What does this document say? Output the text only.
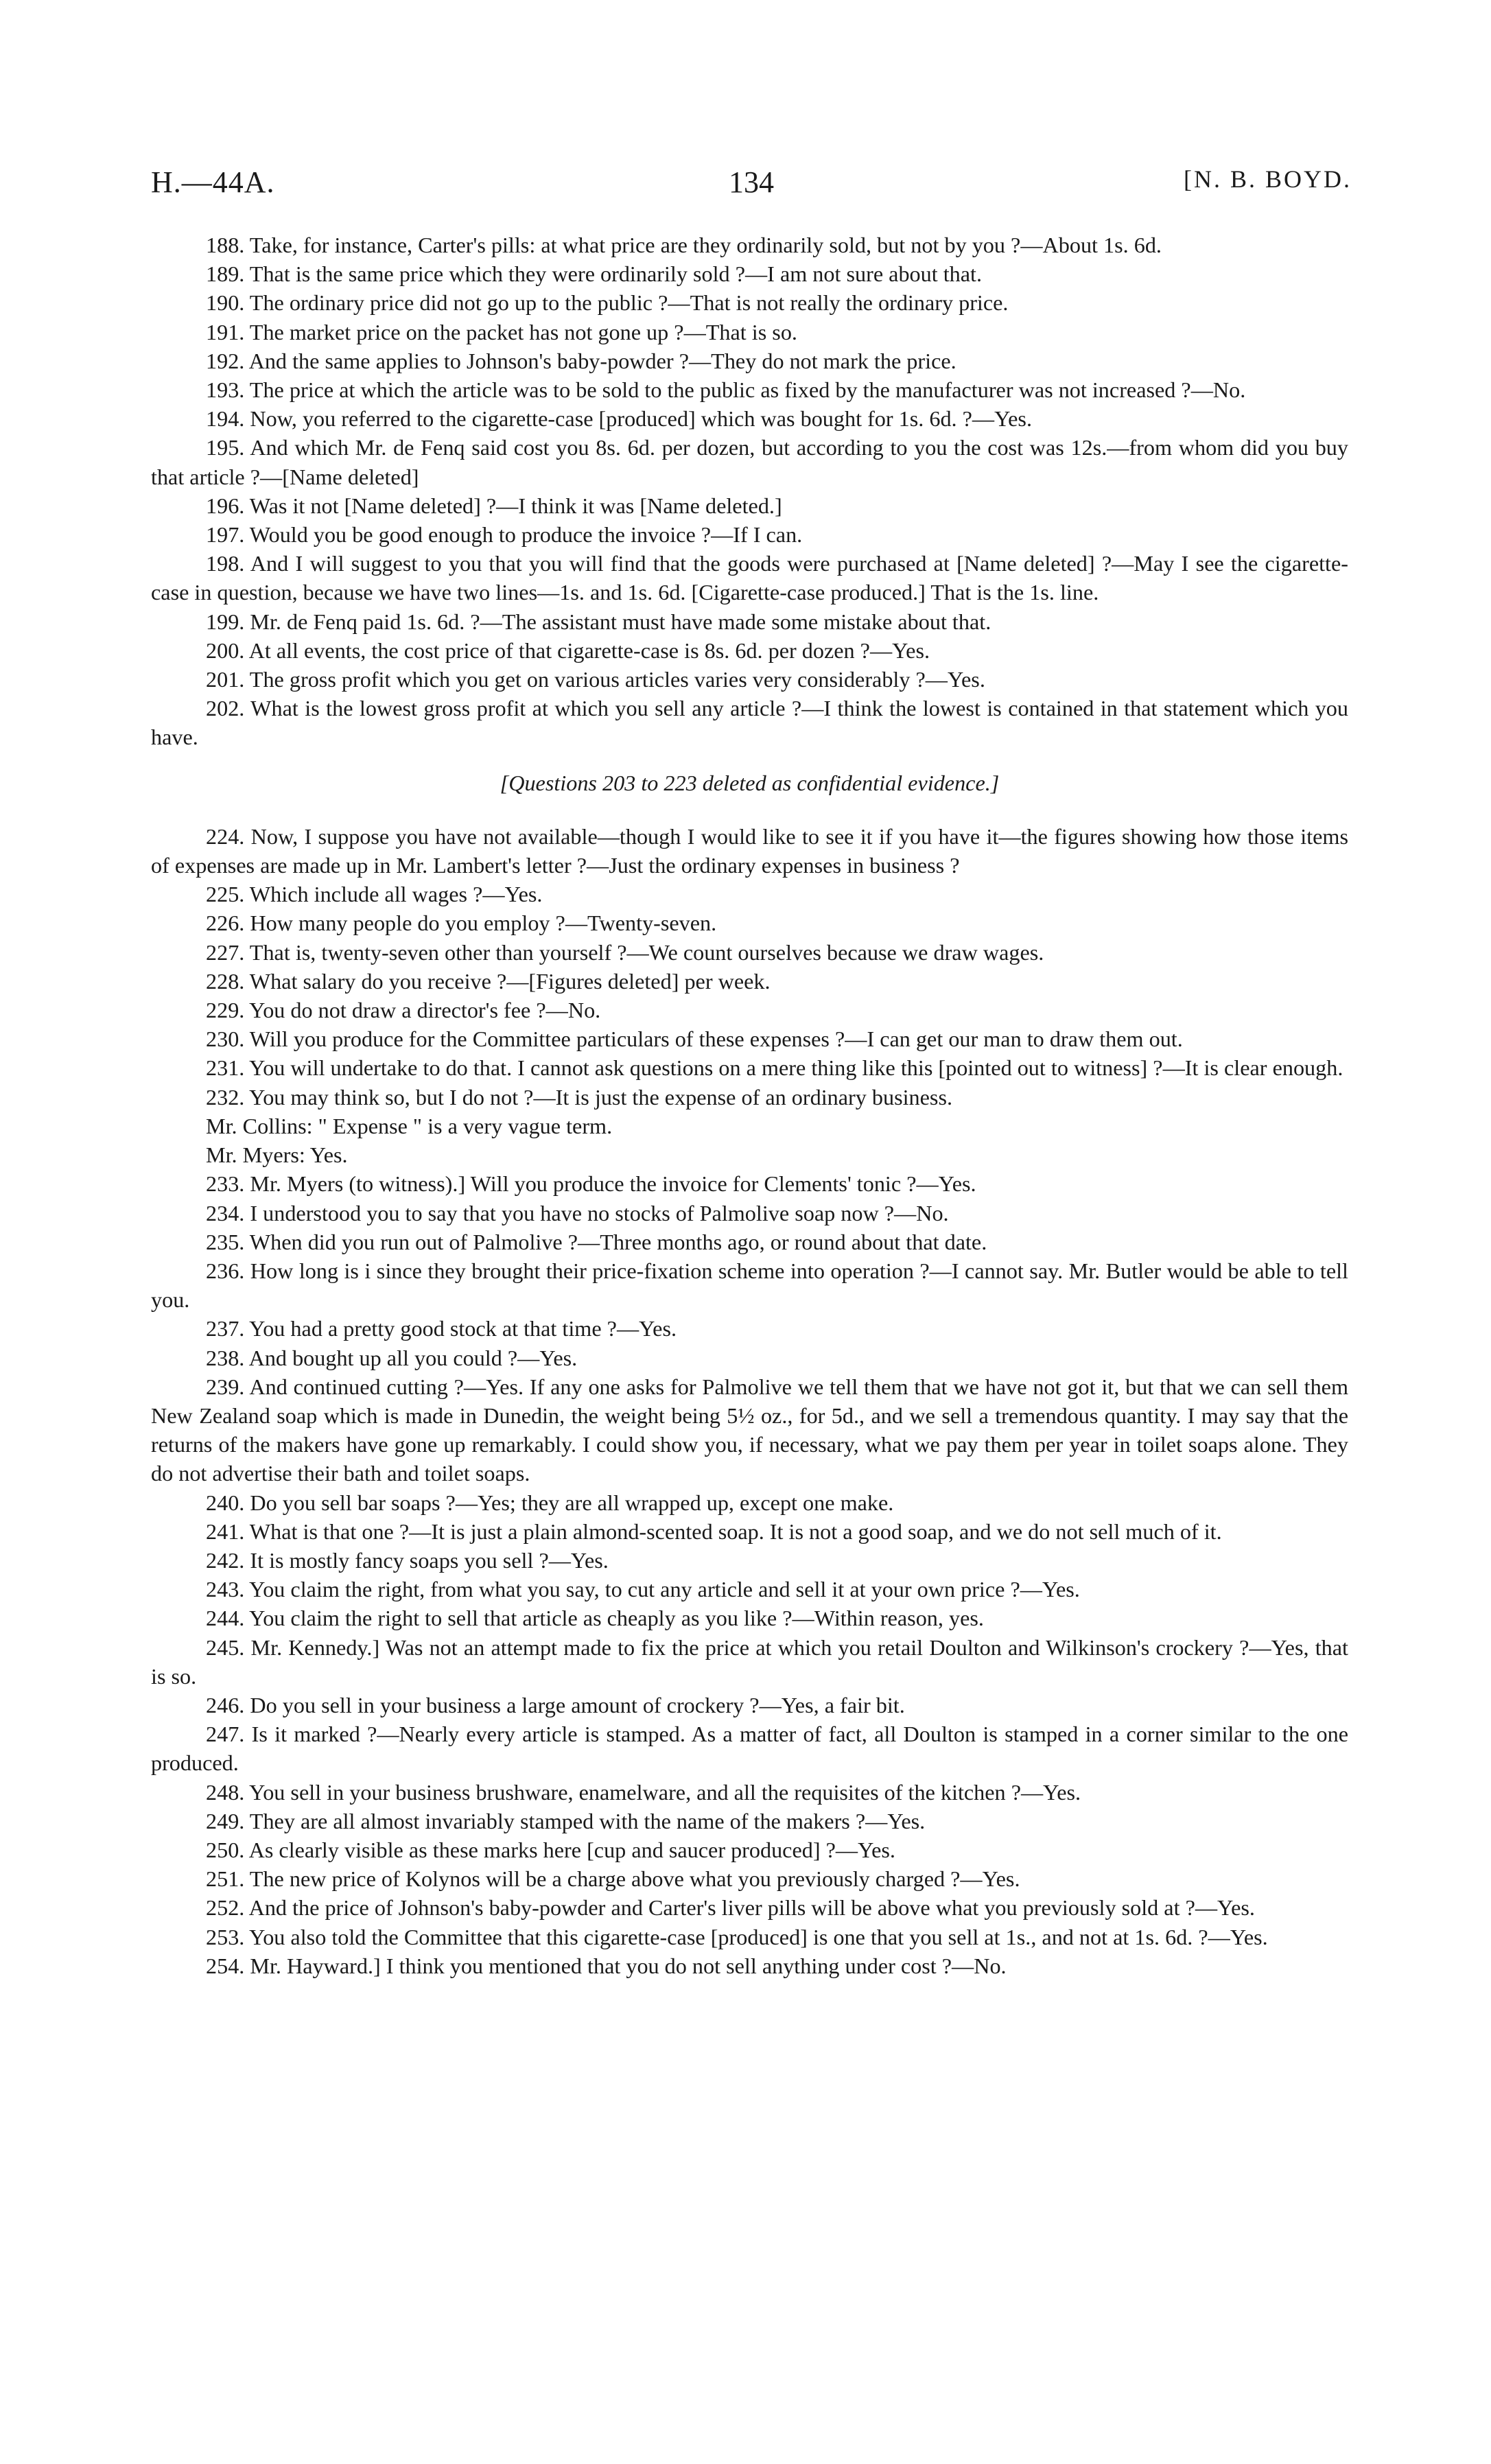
H.—44A.	134	[N. B. BOYD.

188. Take, for instance, Carter's pills: at what price are they ordinarily sold, but not by you ?—About 1s. 6d.

189. That is the same price which they were ordinarily sold ?—I am not sure about that.

190. The ordinary price did not go up to the public ?—That is not really the ordinary price.

191. The market price on the packet has not gone up ?—That is so.

192. And the same applies to Johnson's baby-powder ?—They do not mark the price.

193. The price at which the article was to be sold to the public as fixed by the manufacturer was not increased ?—No.

194. Now, you referred to the cigarette-case [produced] which was bought for 1s. 6d. ?—Yes.

195. And which Mr. de Fenq said cost you 8s. 6d. per dozen, but according to you the cost was 12s.—from whom did you buy that article ?—[Name deleted]

196. Was it not [Name deleted] ?—I think it was [Name deleted.]

197. Would you be good enough to produce the invoice ?—If I can.

198. And I will suggest to you that you will find that the goods were purchased at [Name deleted] ?—May I see the cigarette-case in question, because we have two lines—1s. and 1s. 6d. [Cigarette-case produced.] That is the 1s. line.

199. Mr. de Fenq paid 1s. 6d. ?—The assistant must have made some mistake about that.

200. At all events, the cost price of that cigarette-case is 8s. 6d. per dozen ?—Yes.

201. The gross profit which you get on various articles varies very considerably ?—Yes.

202. What is the lowest gross profit at which you sell any article ?—I think the lowest is contained in that statement which you have.

[Questions 203 to 223 deleted as confidential evidence.]

224. Now, I suppose you have not available—though I would like to see it if you have it—the figures showing how those items of expenses are made up in Mr. Lambert's letter ?—Just the ordinary expenses in business ?

225. Which include all wages ?—Yes.

226. How many people do you employ ?—Twenty-seven.

227. That is, twenty-seven other than yourself ?—We count ourselves because we draw wages.

228. What salary do you receive ?—[Figures deleted] per week.

229. You do not draw a director's fee ?—No.

230. Will you produce for the Committee particulars of these expenses ?—I can get our man to draw them out.

231. You will undertake to do that. I cannot ask questions on a mere thing like this [pointed out to witness] ?—It is clear enough.

232. You may think so, but I do not ?—It is just the expense of an ordinary business.

Mr. Collins: " Expense " is a very vague term.

Mr. Myers: Yes.

233. Mr. Myers (to witness).] Will you produce the invoice for Clements' tonic ?—Yes.

234. I understood you to say that you have no stocks of Palmolive soap now ?—No.

235. When did you run out of Palmolive ?—Three months ago, or round about that date.

236. How long is i since they brought their price-fixation scheme into operation ?—I cannot say. Mr. Butler would be able to tell you.

237. You had a pretty good stock at that time ?—Yes.

238. And bought up all you could ?—Yes.

239. And continued cutting ?—Yes. If any one asks for Palmolive we tell them that we have not got it, but that we can sell them New Zealand soap which is made in Dunedin, the weight being 5½ oz., for 5d., and we sell a tremendous quantity. I may say that the returns of the makers have gone up remarkably. I could show you, if necessary, what we pay them per year in toilet soaps alone. They do not advertise their bath and toilet soaps.

240. Do you sell bar soaps ?—Yes; they are all wrapped up, except one make.

241. What is that one ?—It is just a plain almond-scented soap. It is not a good soap, and we do not sell much of it.

242. It is mostly fancy soaps you sell ?—Yes.

243. You claim the right, from what you say, to cut any article and sell it at your own price ?—Yes.

244. You claim the right to sell that article as cheaply as you like ?—Within reason, yes.

245. Mr. Kennedy.] Was not an attempt made to fix the price at which you retail Doulton and Wilkinson's crockery ?—Yes, that is so.

246. Do you sell in your business a large amount of crockery ?—Yes, a fair bit.

247. Is it marked ?—Nearly every article is stamped. As a matter of fact, all Doulton is stamped in a corner similar to the one produced.

248. You sell in your business brushware, enamelware, and all the requisites of the kitchen ?—Yes.

249. They are all almost invariably stamped with the name of the makers ?—Yes.

250. As clearly visible as these marks here [cup and saucer produced] ?—Yes.

251. The new price of Kolynos will be a charge above what you previously charged ?—Yes.

252. And the price of Johnson's baby-powder and Carter's liver pills will be above what you previously sold at ?—Yes.

253. You also told the Committee that this cigarette-case [produced] is one that you sell at 1s., and not at 1s. 6d. ?—Yes.

254. Mr. Hayward.] I think you mentioned that you do not sell anything under cost ?—No.
